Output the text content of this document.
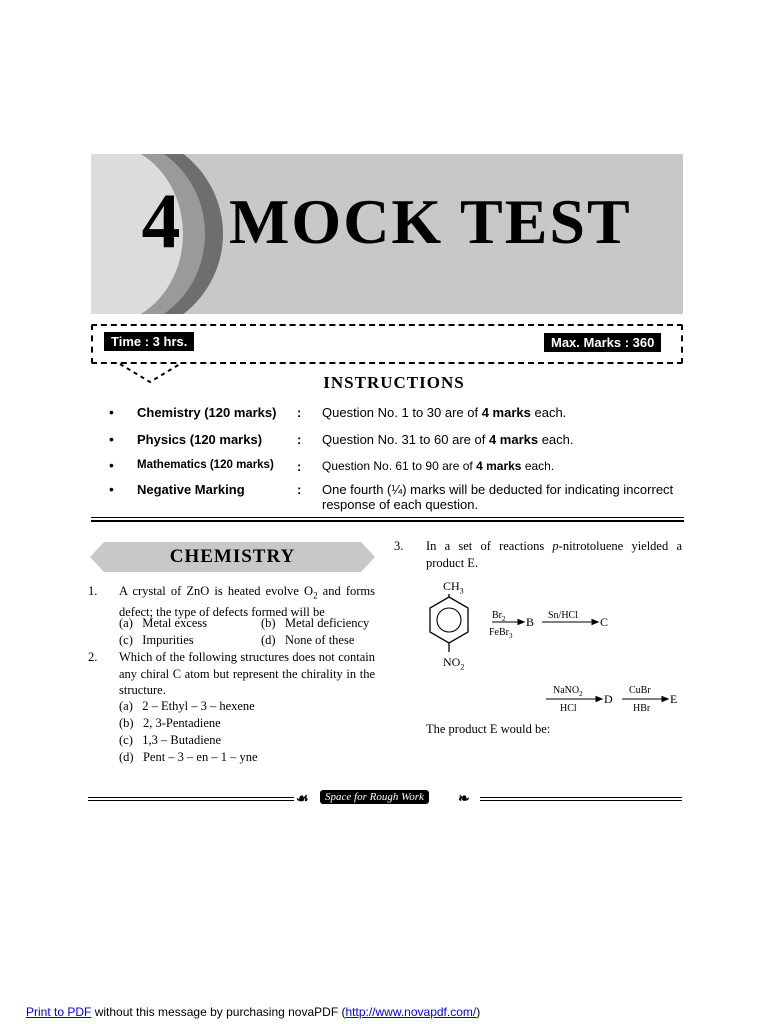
4 MOCK TEST
Time : 3 hrs.	Max. Marks : 360
INSTRUCTIONS
• Chemistry (120 marks) : Question No. 1 to 30 are of 4 marks each.
• Physics (120 marks)	: Question No. 31 to 60 are of 4 marks each.
• Mathematics (120 marks) : Question No. 61 to 90 are of 4 marks each.
• Negative Marking	: One fourth (¼) marks will be deducted for indicating incorrect response of each question.
CHEMISTRY
1. A crystal of ZnO is heated evolve $O_2$ and forms defect; the type of defects formed will be
(a) Metal excess	(b) Metal deficiency
(c) Impurities	(d) None of these
2. Which of the following structures does not contain any chiral C atom but represent the chirality in the structure.
(a) 2 – Ethyl – 3 – hexene
(b) 2, 3-Pentadiene
(c) 1,3 – Butadiene
(d) Pent – 3 – en – 1 – yne
3. In a set of reactions p-nitrotoluene yielded a product E.
$CH_3$
$NO_2$
$Br_2$
FeBr$_3$
B Sn/HCl C
NaNO$_2$
HCl
D
CuBr
HBr
E
The product E would be:
☙	❧
Space for Rough Work
Print to PDF without this message by purchasing novaPDF (http://www.novapdf.com/)
